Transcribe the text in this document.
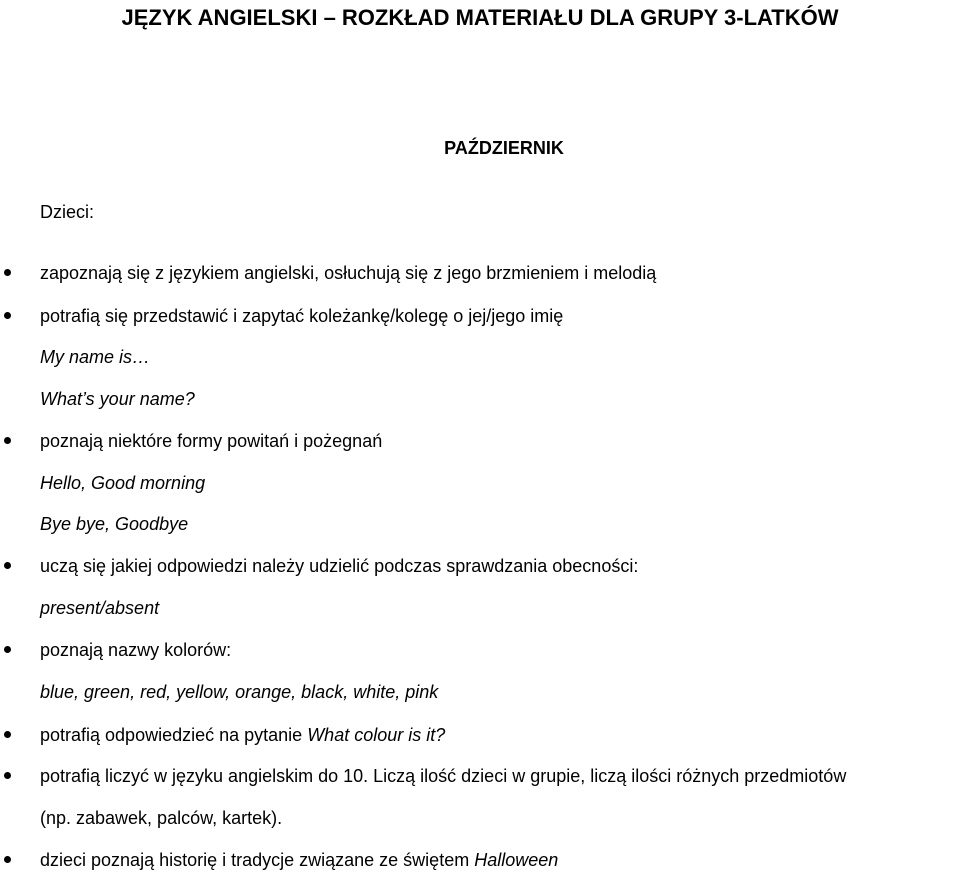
JĘZYK ANGIELSKI – ROZKŁAD MATERIAŁU DLA GRUPY 3-LATKÓW
PAŹDZIERNIK
Dzieci:
zapoznają się z językiem angielski, osłuchują się z jego brzmieniem i melodią
potrafią się przedstawić i zapytać koleżankę/kolegę o jej/jego imię
My name is…
What’s your name?
poznają niektóre formy powitań i pożegnań
Hello, Good morning
Bye bye, Goodbye
uczą się jakiej odpowiedzi należy udzielić podczas sprawdzania obecności:
present/absent
poznają nazwy kolorów:
blue, green, red, yellow, orange, black, white, pink
potrafią odpowiedzieć na pytanie What colour is it?
potrafią liczyć w języku angielskim do 10. Liczą ilość dzieci w grupie, liczą ilości różnych przedmiotów
(np. zabawek, palców, kartek).
dzieci poznają historię i tradycje związane ze świętem Halloween
